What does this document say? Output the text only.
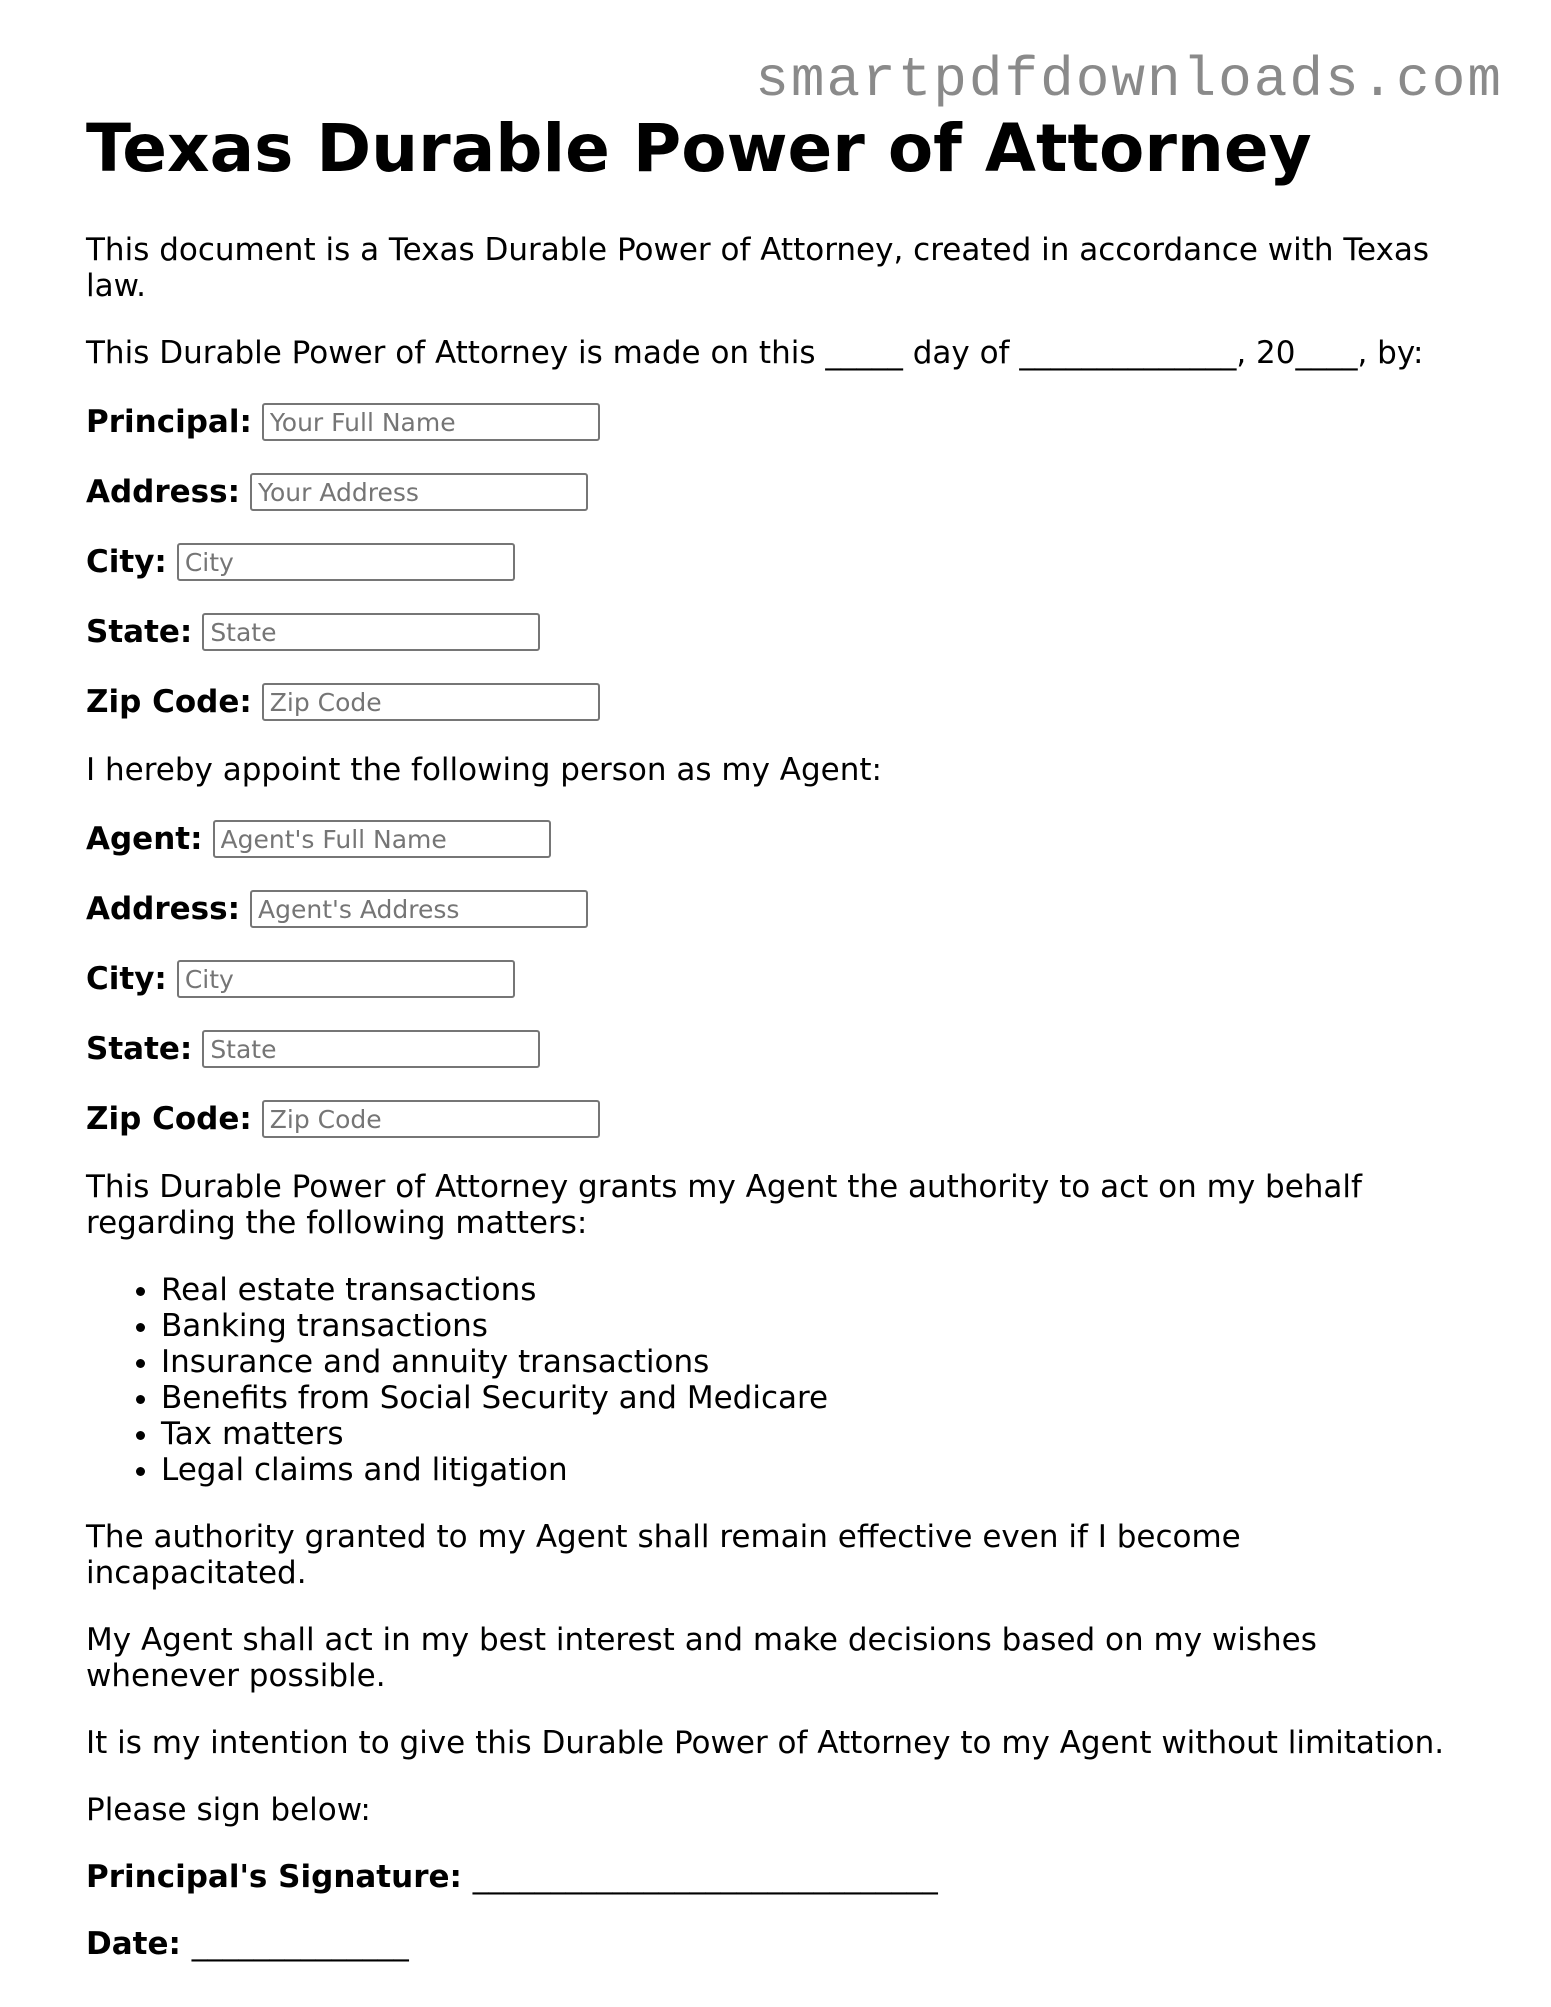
smartpdfdownloads.com
Texas Durable Power of Attorney

This document is a Texas Durable Power of Attorney, created in accordance with Texas law.

This Durable Power of Attorney is made on this _____ day of ______________, 20____, by:

Principal:
Your Full Name
Address:
Your Address
City:
City
State:
State
Zip Code:
Zip Code

I hereby appoint the following person as my Agent:

Agent:
Agent's Full Name
Address:
Agent's Address
City:
City
State:
State
Zip Code:
Zip Code

This Durable Power of Attorney grants my Agent the authority to act on my behalf regarding the following matters:

• Real estate transactions
• Banking transactions
• Insurance and annuity transactions
• Benefits from Social Security and Medicare
• Tax matters
• Legal claims and litigation

The authority granted to my Agent shall remain effective even if I become incapacitated.

My Agent shall act in my best interest and make decisions based on my wishes whenever possible.

It is my intention to give this Durable Power of Attorney to my Agent without limitation.

Please sign below:

Principal's Signature: ______________________________
Date: ______________
